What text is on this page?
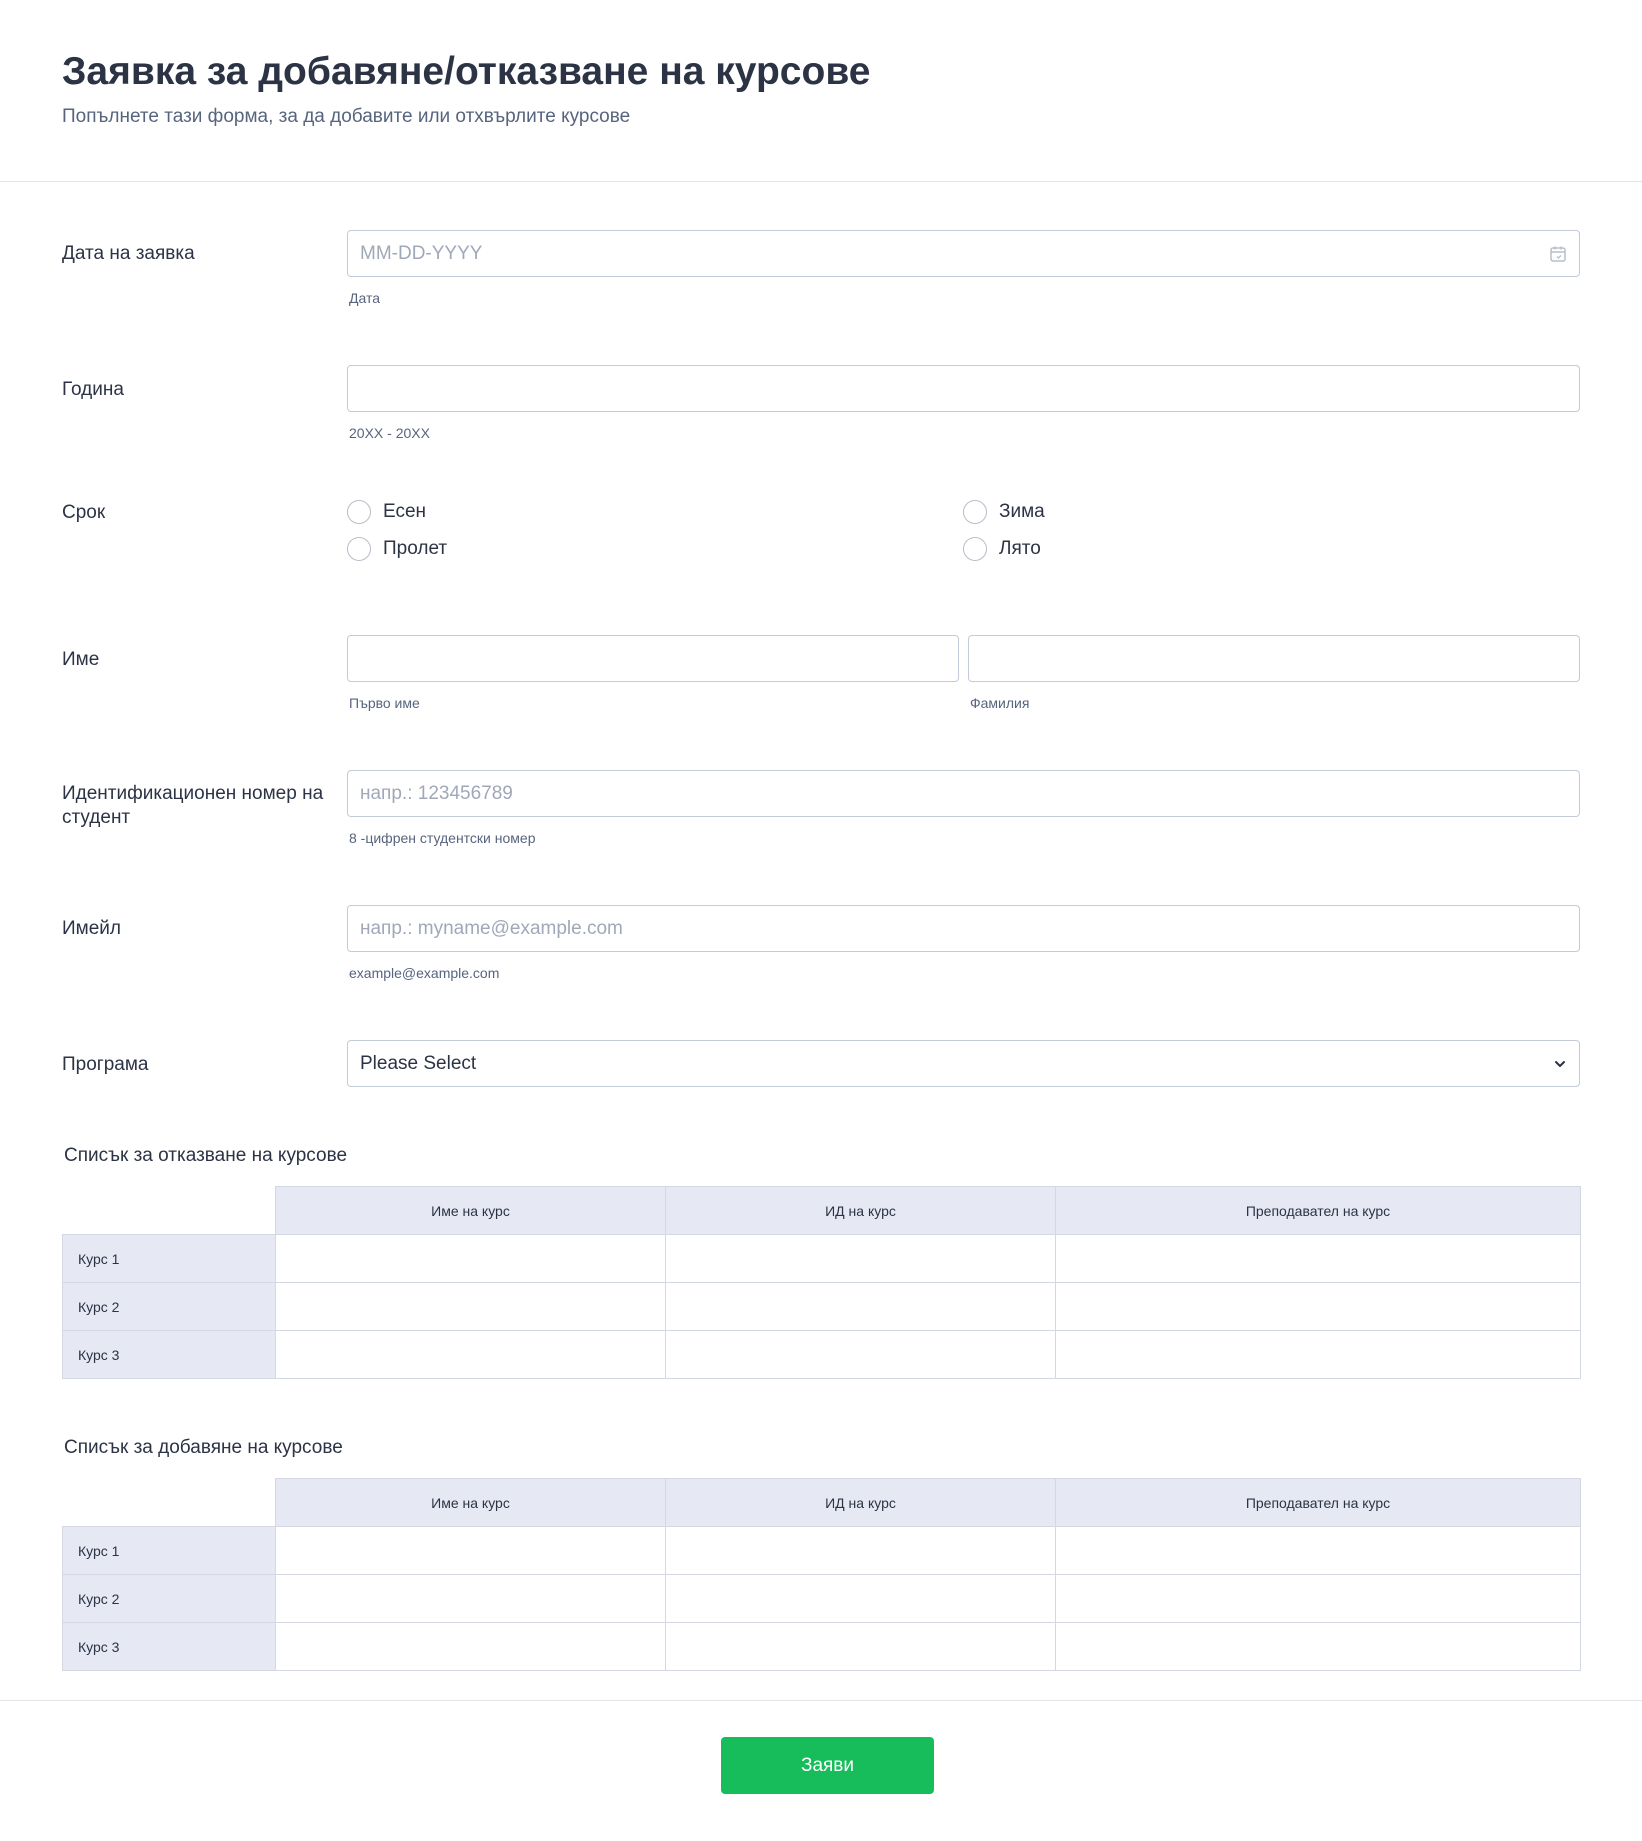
Заявка за добавяне/отказване на курсове
Попълнете тази форма, за да добавите или отхвърлите курсове
Дата на заявка	MM-DD-YYYY
Дата
Година
20XX - 20XX
Срок	Есен	Зима
Пролет	Лято
Име
Първо име	Фамилия
Идентификационен номер на студент
напр.: 123456789
8 -цифрен студентски номер
Имейл
напр.: myname@example.com
example@example.com
Програма	Please Select
Списък за отказване на курсове
	Име на курс	ИД на курс	Преподавател на курс
Курс 1			
Курс 2			
Курс 3			
Списък за добавяне на курсове
	Име на курс	ИД на курс	Преподавател на курс
Курс 1			
Курс 2			
Курс 3			
Заяви
